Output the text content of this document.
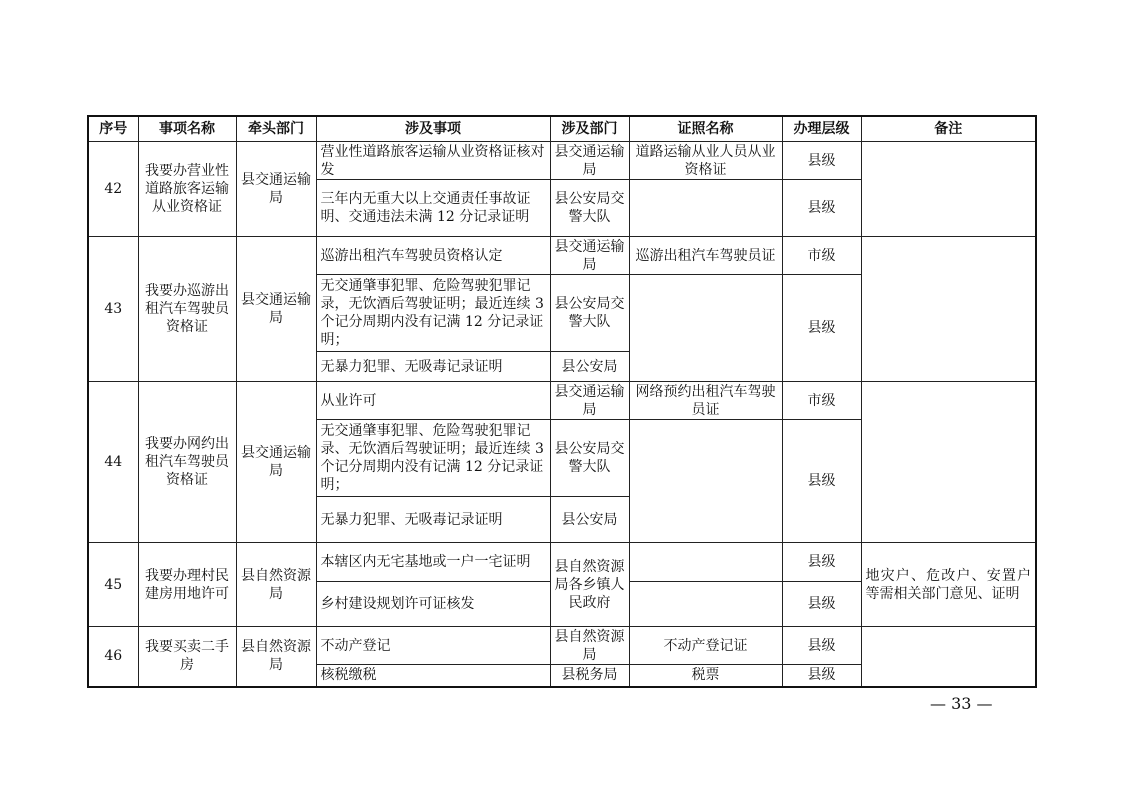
序号	事项名称	牵头部门	涉及事项	涉及部门	证照名称	办理层级	备注
42	我要办营业性道路旅客运输从业资格证	县交通运输局	营业性道路旅客运输从业资格证核对发	县交通运输局	道路运输从业人员从业资格证	县级	
			三年内无重大以上交通责任事故证明、交通违法未满 12 分记录证明	县公安局交警大队		县级	
43	我要办巡游出租汽车驾驶员资格证	县交通运输局	巡游出租汽车驾驶员资格认定	县交通运输局	巡游出租汽车驾驶员证	市级	
			无交通肇事犯罪、危险驾驶犯罪记录，无饮酒后驾驶证明；最近连续 3 个记分周期内没有记满 12 分记录证明；	县公安局交警大队		县级	
			无暴力犯罪、无吸毒记录证明	县公安局			
44	我要办网约出租汽车驾驶员资格证	县交通运输局	从业许可	县交通运输局	网络预约出租汽车驾驶员证	市级	
			无交通肇事犯罪、危险驾驶犯罪记录、无饮酒后驾驶证明；最近连续 3 个记分周期内没有记满 12 分记录证明；	县公安局交警大队		县级	
			无暴力犯罪、无吸毒记录证明	县公安局			
45	我要办理村民建房用地许可	县自然资源局	本辖区内无宅基地或一户一宅证明	县自然资源局各乡镇人民政府		县级	地灾户、危改户、安置户等需相关部门意见、证明
			乡村建设规划许可证核发			县级	
46	我要买卖二手房	县自然资源局	不动产登记	县自然资源局	不动产登记证	县级	
			核税缴税	县税务局	税票	县级	
— 33 —
